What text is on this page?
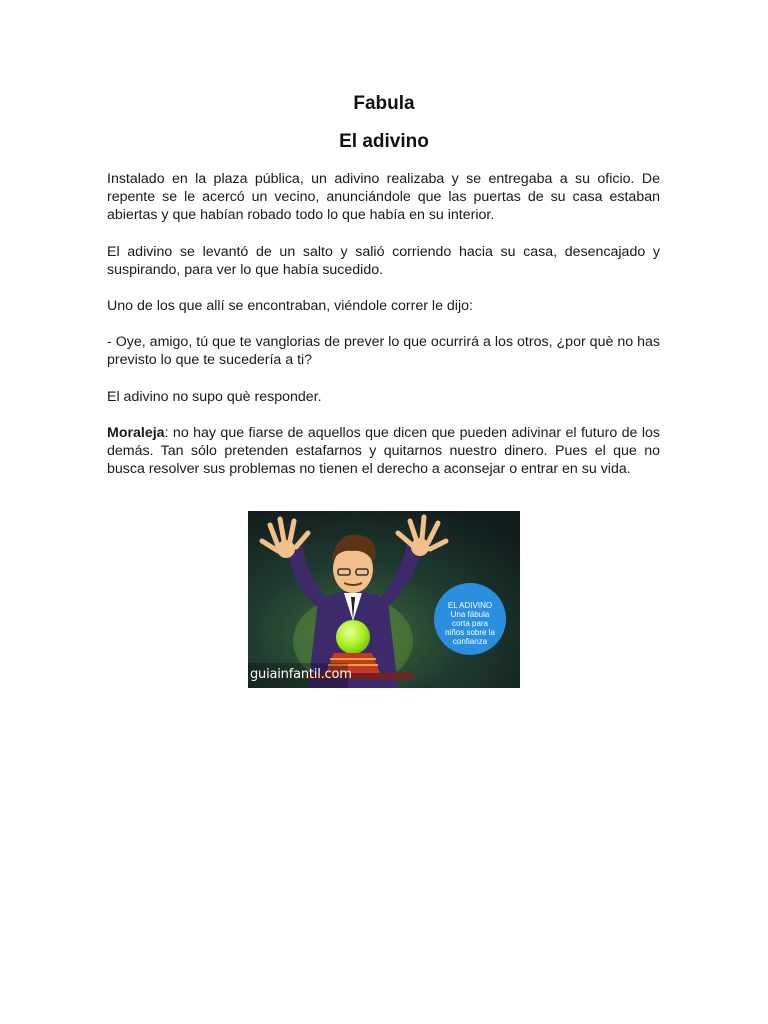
Fabula
El adivino

Instalado en la plaza pública, un adivino realizaba y se entregaba a su oficio. De repente se le acercó un vecino, anunciándole que las puertas de su casa estaban abiertas y que habían robado todo lo que había en su interior.

El adivino se levantó de un salto y salió corriendo hacia su casa, desencajado y suspirando, para ver lo que había sucedido.

Uno de los que allí se encontraban, viéndole correr le dijo:

- Oye, amigo, tú que te vanglorias de prever lo que ocurrirá a los otros, ¿por què no has previsto lo que te sucedería a ti?

El adivino no supo què responder.

Moraleja: no hay que fiarse de aquellos que dicen que pueden adivinar el futuro de los demás. Tan sólo pretenden estafarnos y quitarnos nuestro dinero. Pues el que no busca resolver sus problemas no tienen el derecho a aconsejar o entrar en su vida.

EL ADIVINO
Una fábula
corta para
niños sobre la
confianza
guiainfantil.com
